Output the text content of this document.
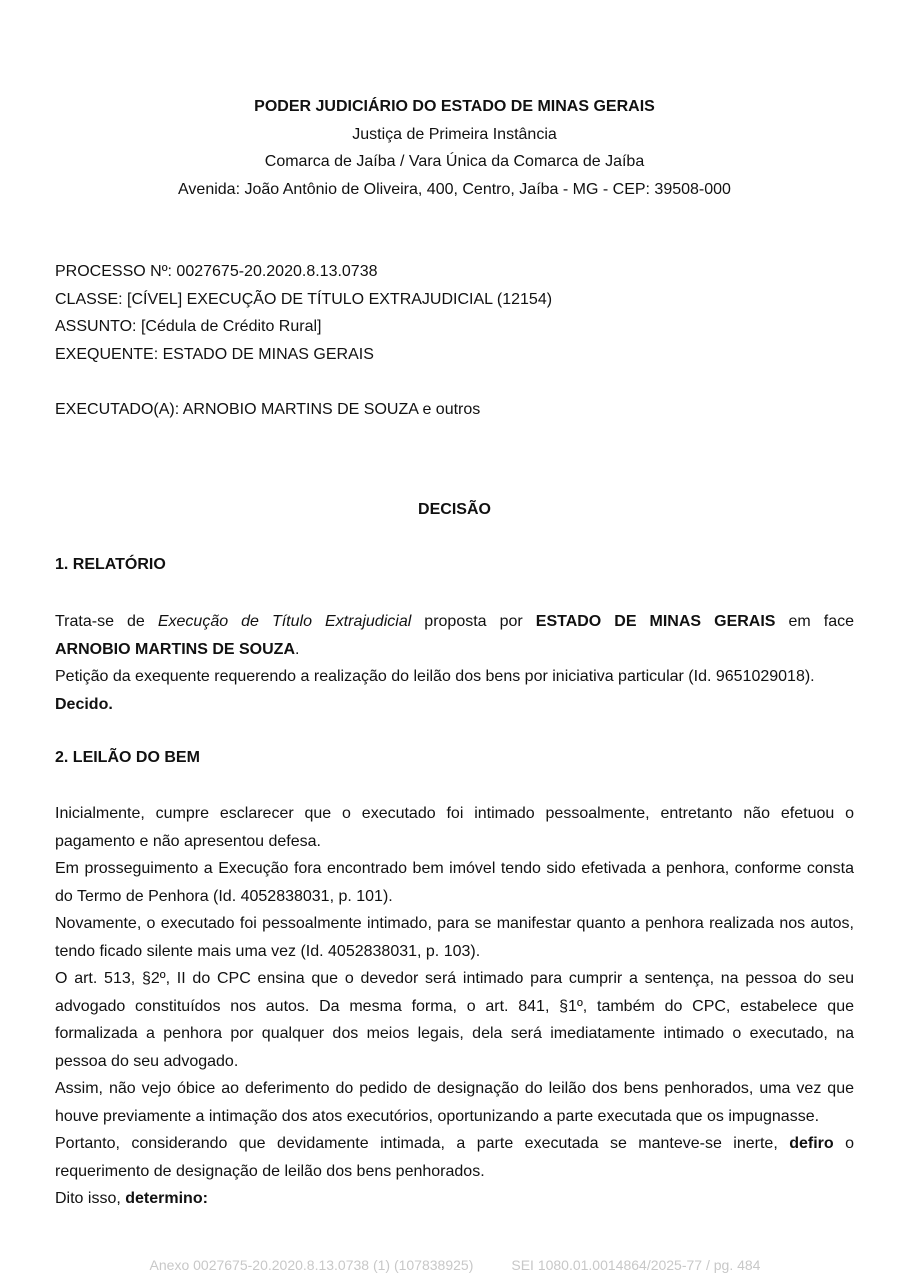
PODER JUDICIÁRIO DO ESTADO DE MINAS GERAIS
Justiça de Primeira Instância
Comarca de Jaíba / Vara Única da Comarca de Jaíba
Avenida: João Antônio de Oliveira, 400, Centro, Jaíba - MG - CEP: 39508-000
PROCESSO Nº: 0027675-20.2020.8.13.0738
CLASSE: [CÍVEL] EXECUÇÃO DE TÍTULO EXTRAJUDICIAL (12154)
ASSUNTO: [Cédula de Crédito Rural]
EXEQUENTE: ESTADO DE MINAS GERAIS
EXECUTADO(A): ARNOBIO MARTINS DE SOUZA e outros
DECISÃO
1. RELATÓRIO

Trata-se de Execução de Título Extrajudicial proposta por ESTADO DE MINAS GERAIS em face

ARNOBIO MARTINS DE SOUZA.

Petição da exequente requerendo a realização do leilão dos bens por iniciativa particular (Id. 9651029018).

Decido.

2. LEILÃO DO BEM

Inicialmente, cumpre esclarecer que o executado foi intimado pessoalmente, entretanto não efetuou o pagamento e não apresentou defesa.

Em prosseguimento a Execução fora encontrado bem imóvel tendo sido efetivada a penhora, conforme consta do Termo de Penhora (Id. 4052838031, p. 101).

Novamente, o executado foi pessoalmente intimado, para se manifestar quanto a penhora realizada nos autos, tendo ficado silente mais uma vez (Id. 4052838031, p. 103).

O art. 513, §2º, II do CPC ensina que o devedor será intimado para cumprir a sentença, na pessoa do seu advogado constituídos nos autos. Da mesma forma, o art. 841, §1º, também do CPC, estabelece que formalizada a penhora por qualquer dos meios legais, dela será imediatamente intimado o executado, na pessoa do seu advogado.

Assim, não vejo óbice ao deferimento do pedido de designação do leilão dos bens penhorados, uma vez que houve previamente a intimação dos atos executórios, oportunizando a parte executada que os impugnasse.

Portanto, considerando que devidamente intimada, a parte executada se manteve-se inerte, defiro o requerimento de designação de leilão dos bens penhorados.

Dito isso, determino:

Anexo 0027675-20.2020.8.13.0738 (1) (107838925)	SEI 1080.01.0014864/2025-77 / pg. 484
